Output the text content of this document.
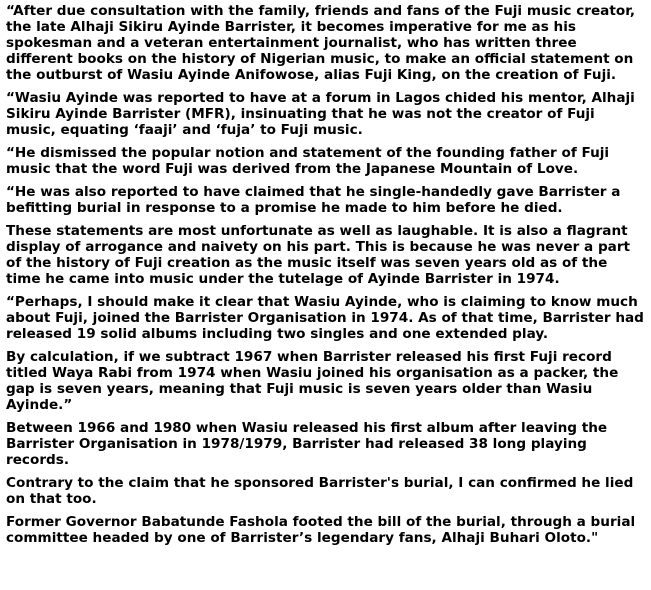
“After due consultation with the family, friends and fans of the Fuji music creator, the late Alhaji Sikiru Ayinde Barrister, it becomes imperative for me as his spokesman and a veteran entertainment journalist, who has written three different books on the history of Nigerian music, to make an official statement on the outburst of Wasiu Ayinde Anifowose, alias Fuji King, on the creation of Fuji.

“Wasiu Ayinde was reported to have at a forum in Lagos chided his mentor, Alhaji Sikiru Ayinde Barrister (MFR), insinuating that he was not the creator of Fuji music, equating ‘faaji’ and ‘fuja’ to Fuji music.

“He dismissed the popular notion and statement of the founding father of Fuji music that the word Fuji was derived from the Japanese Mountain of Love.

“He was also reported to have claimed that he single-handedly gave Barrister a befitting burial in response to a promise he made to him before he died.

These statements are most unfortunate as well as laughable. It is also a flagrant display of arrogance and naivety on his part. This is because he was never a part of the history of Fuji creation as the music itself was seven years old as of the time he came into music under the tutelage of Ayinde Barrister in 1974.

“Perhaps, I should make it clear that Wasiu Ayinde, who is claiming to know much about Fuji, joined the Barrister Organisation in 1974. As of that time, Barrister had released 19 solid albums including two singles and one extended play.

By calculation, if we subtract 1967 when Barrister released his first Fuji record titled Waya Rabi from 1974 when Wasiu joined his organisation as a packer, the gap is seven years, meaning that Fuji music is seven years older than Wasiu Ayinde.”

Between 1966 and 1980 when Wasiu released his first album after leaving the Barrister Organisation in 1978/1979, Barrister had released 38 long playing records.

Contrary to the claim that he sponsored Barrister's burial, I can confirmed he lied on that too.

Former Governor Babatunde Fashola footed the bill of the burial, through a burial committee headed by one of Barrister’s legendary fans, Alhaji Buhari Oloto."
